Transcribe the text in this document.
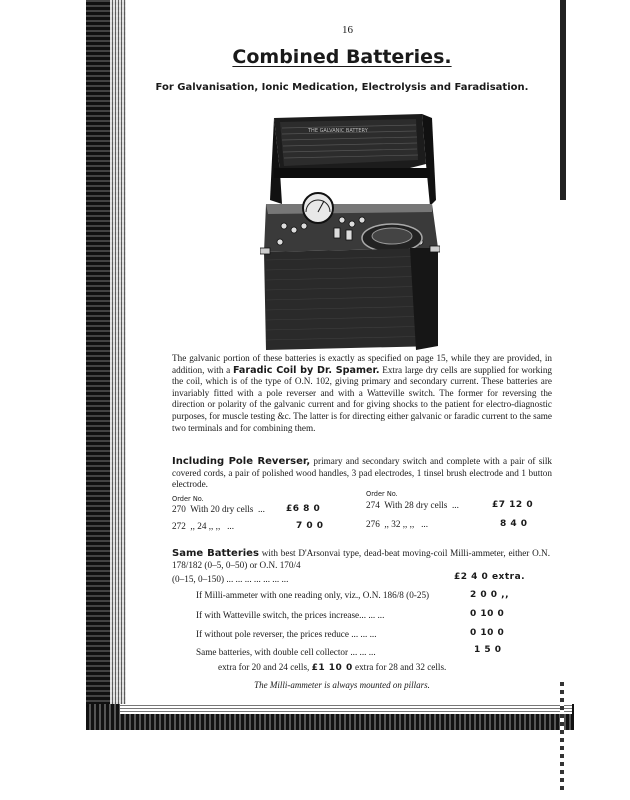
16
Combined Batteries.
For Galvanisation, Ionic Medication, Electrolysis and Faradisation.
THE GALVANIC BATTERY
The galvanic portion of these batteries is exactly as specified on page 15, while they are provided, in addition, with a Faradic Coil by Dr. Spamer. Extra large dry cells are supplied for working the coil, which is of the type of O.N. 102, giving primary and secondary current. These batteries are invariably fitted with a pole reverser and with a Watteville switch. The former for reversing the direction or polarity of the galvanic current and for giving shocks to the patient for electro-diagnostic purposes, for muscle testing &c. The latter is for directing either galvanic or faradic current to the same two terminals and for combining them.
Including Pole Reverser, primary and secondary switch and complete with a pair of silk covered cords, a pair of polished wood handles, 3 pad electrodes, 1 tinsel brush electrode and 1 button electrode.
Order No.
Order No.
270 With 20 dry cells ... £6 8 0
272 ,, 24 ,, ,, ...	7 0 0
274 With 28 dry cells ...	£7 12 0
276 ,, 32 ,, ,, ...	8 4 0
Same Batteries with best D'Arsonvai type, dead-beat moving-coil Milli-ammeter, either O.N. 178/182 (0–5, 0–50) or O.N. 170/4
(0–15, 0–150) ... ... ... ... ... ... ...	£2 4 0 extra.
If Milli-ammeter with one reading only, viz., O.N. 186/8 (0-25)	2 0 0 ,,
If with Watteville switch, the prices increase... ... ...	0 10 0
If without pole reverser, the prices reduce ... ... ...	0 10 0
Same batteries, with double cell collector ... ... ...	1 5 0
extra for 20 and 24 cells, £1 10 0 extra for 28 and 32 cells.
The Milli-ammeter is always mounted on pillars.
